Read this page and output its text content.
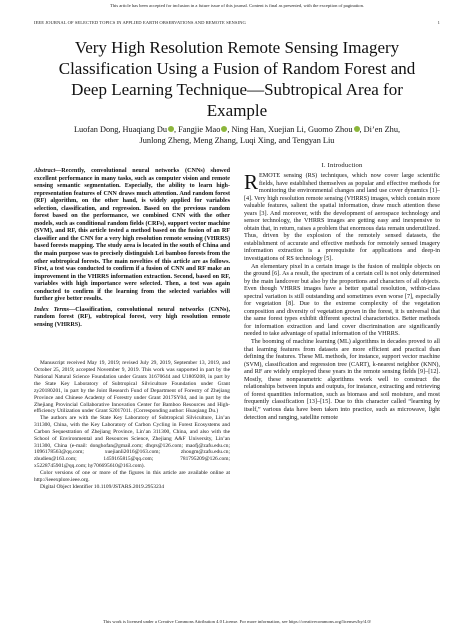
This article has been accepted for inclusion in a future issue of this journal. Content is final as presented, with the exception of pagination.
IEEE JOURNAL OF SELECTED TOPICS IN APPLIED EARTH OBSERVATIONS AND REMOTE SENSING	1
Very High Resolution Remote Sensing Imagery Classification Using a Fusion of Random Forest and Deep Learning Technique—Subtropical Area for Example
Luofan Dong, Huaqiang Du , Fangjie Mao , Ning Han, Xuejian Li, Guomo Zhou , Di’en Zhu,
Junlong Zheng, Meng Zhang, Luqi Xing, and Tengyan Liu
Abstract—Recently, convolutional neural networks (CNNs) showed excellent performance in many tasks, such as computer vision and remote sensing semantic segmentation. Especially, the ability to learn high-representation features of CNN draws much attention. And random forest (RF) algorithm, on the other hand, is widely applied for variables selection, classification, and regression. Based on the previous random forest based on the performance, we combined CNN with the other models, such as conditional random fields (CRFs), support vector machine (SVM), and RF, this article tested a method based on the fusion of an RF classifier and the CNN for a very high resolution remote sensing (VHRRS) based forests mapping. The study area is located in the south of China and the main purpose was to precisely distinguish Lei bamboo forests from the other subtropical forests. The main novelties of this article are as follows. First, a test was conducted to confirm if a fusion of CNN and RF make an improvement in the VHRRS information extraction. Second, based on RF, variables with high importance were selected. Then, a test was again conducted to confirm if the learning from the selected variables will further give better results.
Index Terms—Classification, convolutional neural networks (CNNs), random forest (RF), subtropical forest, very high resolution remote sensing (VHRRS).

Manuscript received May 19, 2019; revised July 29, 2019, September 13, 2019, and October 25, 2019; accepted November 9, 2019. This work was supported in part by the National Natural Science Foundation under Grants 31670644 and U1809208, in part by the State Key Laboratory of Subtropical Silviculture Foundation under Grant zy20180201, in part by the Joint Research Fund of Department of Forestry of Zhejiang Province and Chinese Academy of Forestry under Grant 2017SY04, and in part by the Zhejiang Provincial Collaborative Innovation Center for Bamboo Resources and High-efficiency Utilization under Grant S2017011. (Corresponding author: Huaqiang Du.)

The authors are with the State Key Laboratory of Subtropical Silviculture, Lin’an 311300, China, with the Key Laboratory of Carbon Cycling in Forest Ecosystems and Carbon Sequestration of Zhejiang Province, Lin’an 311300, China, and also with the School of Environmental and Resources Science, Zhejiang A&F University, Lin’an 311300, China (e-mail: donghofan@gmail.com; dhqrs@126.com; maofj@zafu.edu.cn; 1096178563@qq.com; xuejianli2016@163.com; zhougm@zafu.edu.cn; zhudien@163.com; 1459165815@qq.com; 781795209@126.com; x5228745901@qq.com; hy706695610@163.com).

Color versions of one or more of the figures in this article are available online at http://ieeexplore.ieee.org.

Digital Object Identifier 10.1109/JSTARS.2019.2953234

I. Introduction

REMOTE sensing (RS) techniques, which now cover large scientific fields, have established themselves as popular and effective methods for monitoring the environmental changes and land use cover dynamics [1]–[4]. Very high resolution remote sensing (VHRRS) images, which contain more valuable features, salient the spatial information, draw much attention these years [3]. And moreover, with the development of aerospace technology and sensor technology, the VHRRS images are getting easy and inexpensive to obtain that, in return, raises a problem that enormous data remain underutilized. Thus, driven by the explosion of the remotely sensed datasets, the establishment of accurate and effective methods for remotely sensed imagery information extraction is a prerequisite for applications and deep-in investigations of RS technology [5].

An elementary pixel in a certain image is the fusion of multiple objects on the ground [6]. As a result, the spectrum of a certain cell is not only determined by the main landcover but also by the proportions and characters of all objects. Even though VHRRS images have a better spatial resolution, within-class spectral variation is still outstanding and sometimes even worse [7], especially for vegetation [8]. Due to the extreme complexity of the vegetation composition and diversity of vegetation grown in the forest, it is universal that the same forest types exhibit different spectral characteristics. Better methods for information extraction and land cover discrimination are significantly needed to take advantage of spatial information of the VHRRS.

The booming of machine learning (ML) algorithms in decades proved to all that learning features from datasets are more efficient and practical than defining the features. These ML methods, for instance, support vector machine (SVM), classification and regression tree (CART), k-nearest neighbor (KNN), and RF are widely employed these years in the remote sensing fields [9]–[12]. Mostly, these nonparametric algorithms work well to construct the relationships between inputs and outputs, for instance, extracting and retrieving of forest quantities information, such as biomass and soil moisture, and most frequently classification [13]–[15]. Due to this character called “learning by itself,” various data have been taken into practice, such as microwave, light detection and ranging, satellite remote

This work is licensed under a Creative Commons Attribution 4.0 License. For more information, see https://creativecommons.org/licenses/by/4.0/
